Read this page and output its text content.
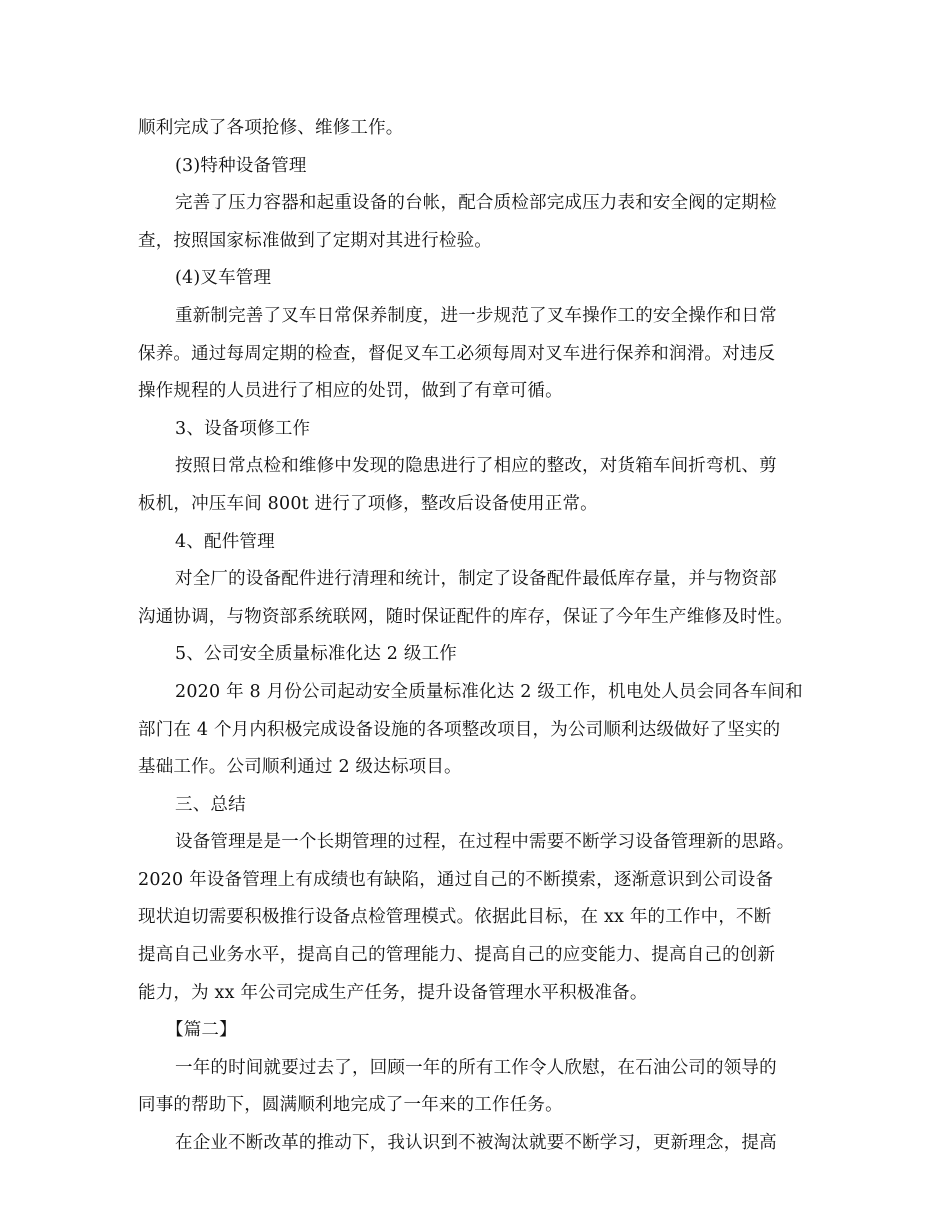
顺利完成了各项抢修、维修工作。
(3)特种设备管理
完善了压力容器和起重设备的台帐，配合质检部完成压力表和安全阀的定期检
查，按照国家标准做到了定期对其进行检验。
(4)叉车管理
重新制完善了叉车日常保养制度，进一步规范了叉车操作工的安全操作和日常
保养。通过每周定期的检查，督促叉车工必须每周对叉车进行保养和润滑。对违反
操作规程的人员进行了相应的处罚，做到了有章可循。
3、设备项修工作
按照日常点检和维修中发现的隐患进行了相应的整改，对货箱车间折弯机、剪
板机，冲压车间 800t 进行了项修，整改后设备使用正常。
4、配件管理
对全厂的设备配件进行清理和统计，制定了设备配件最低库存量，并与物资部
沟通协调，与物资部系统联网，随时保证配件的库存，保证了今年生产维修及时性。
5、公司安全质量标准化达 2 级工作
2020 年 8 月份公司起动安全质量标准化达 2 级工作，机电处人员会同各车间和
部门在 4 个月内积极完成设备设施的各项整改项目，为公司顺利达级做好了坚实的
基础工作。公司顺利通过 2 级达标项目。
三、总结
设备管理是是一个长期管理的过程，在过程中需要不断学习设备管理新的思路。
2020 年设备管理上有成绩也有缺陷，通过自己的不断摸索，逐渐意识到公司设备
现状迫切需要积极推行设备点检管理模式。依据此目标，在 xx 年的工作中，不断
提高自己业务水平，提高自己的管理能力、提高自己的应变能力、提高自己的创新
能力，为 xx 年公司完成生产任务，提升设备管理水平积极准备。
【篇二】
一年的时间就要过去了，回顾一年的所有工作令人欣慰，在石油公司的领导的
同事的帮助下，圆满顺利地完成了一年来的工作任务。
在企业不断改革的推动下，我认识到不被淘汰就要不断学习，更新理念，提高
